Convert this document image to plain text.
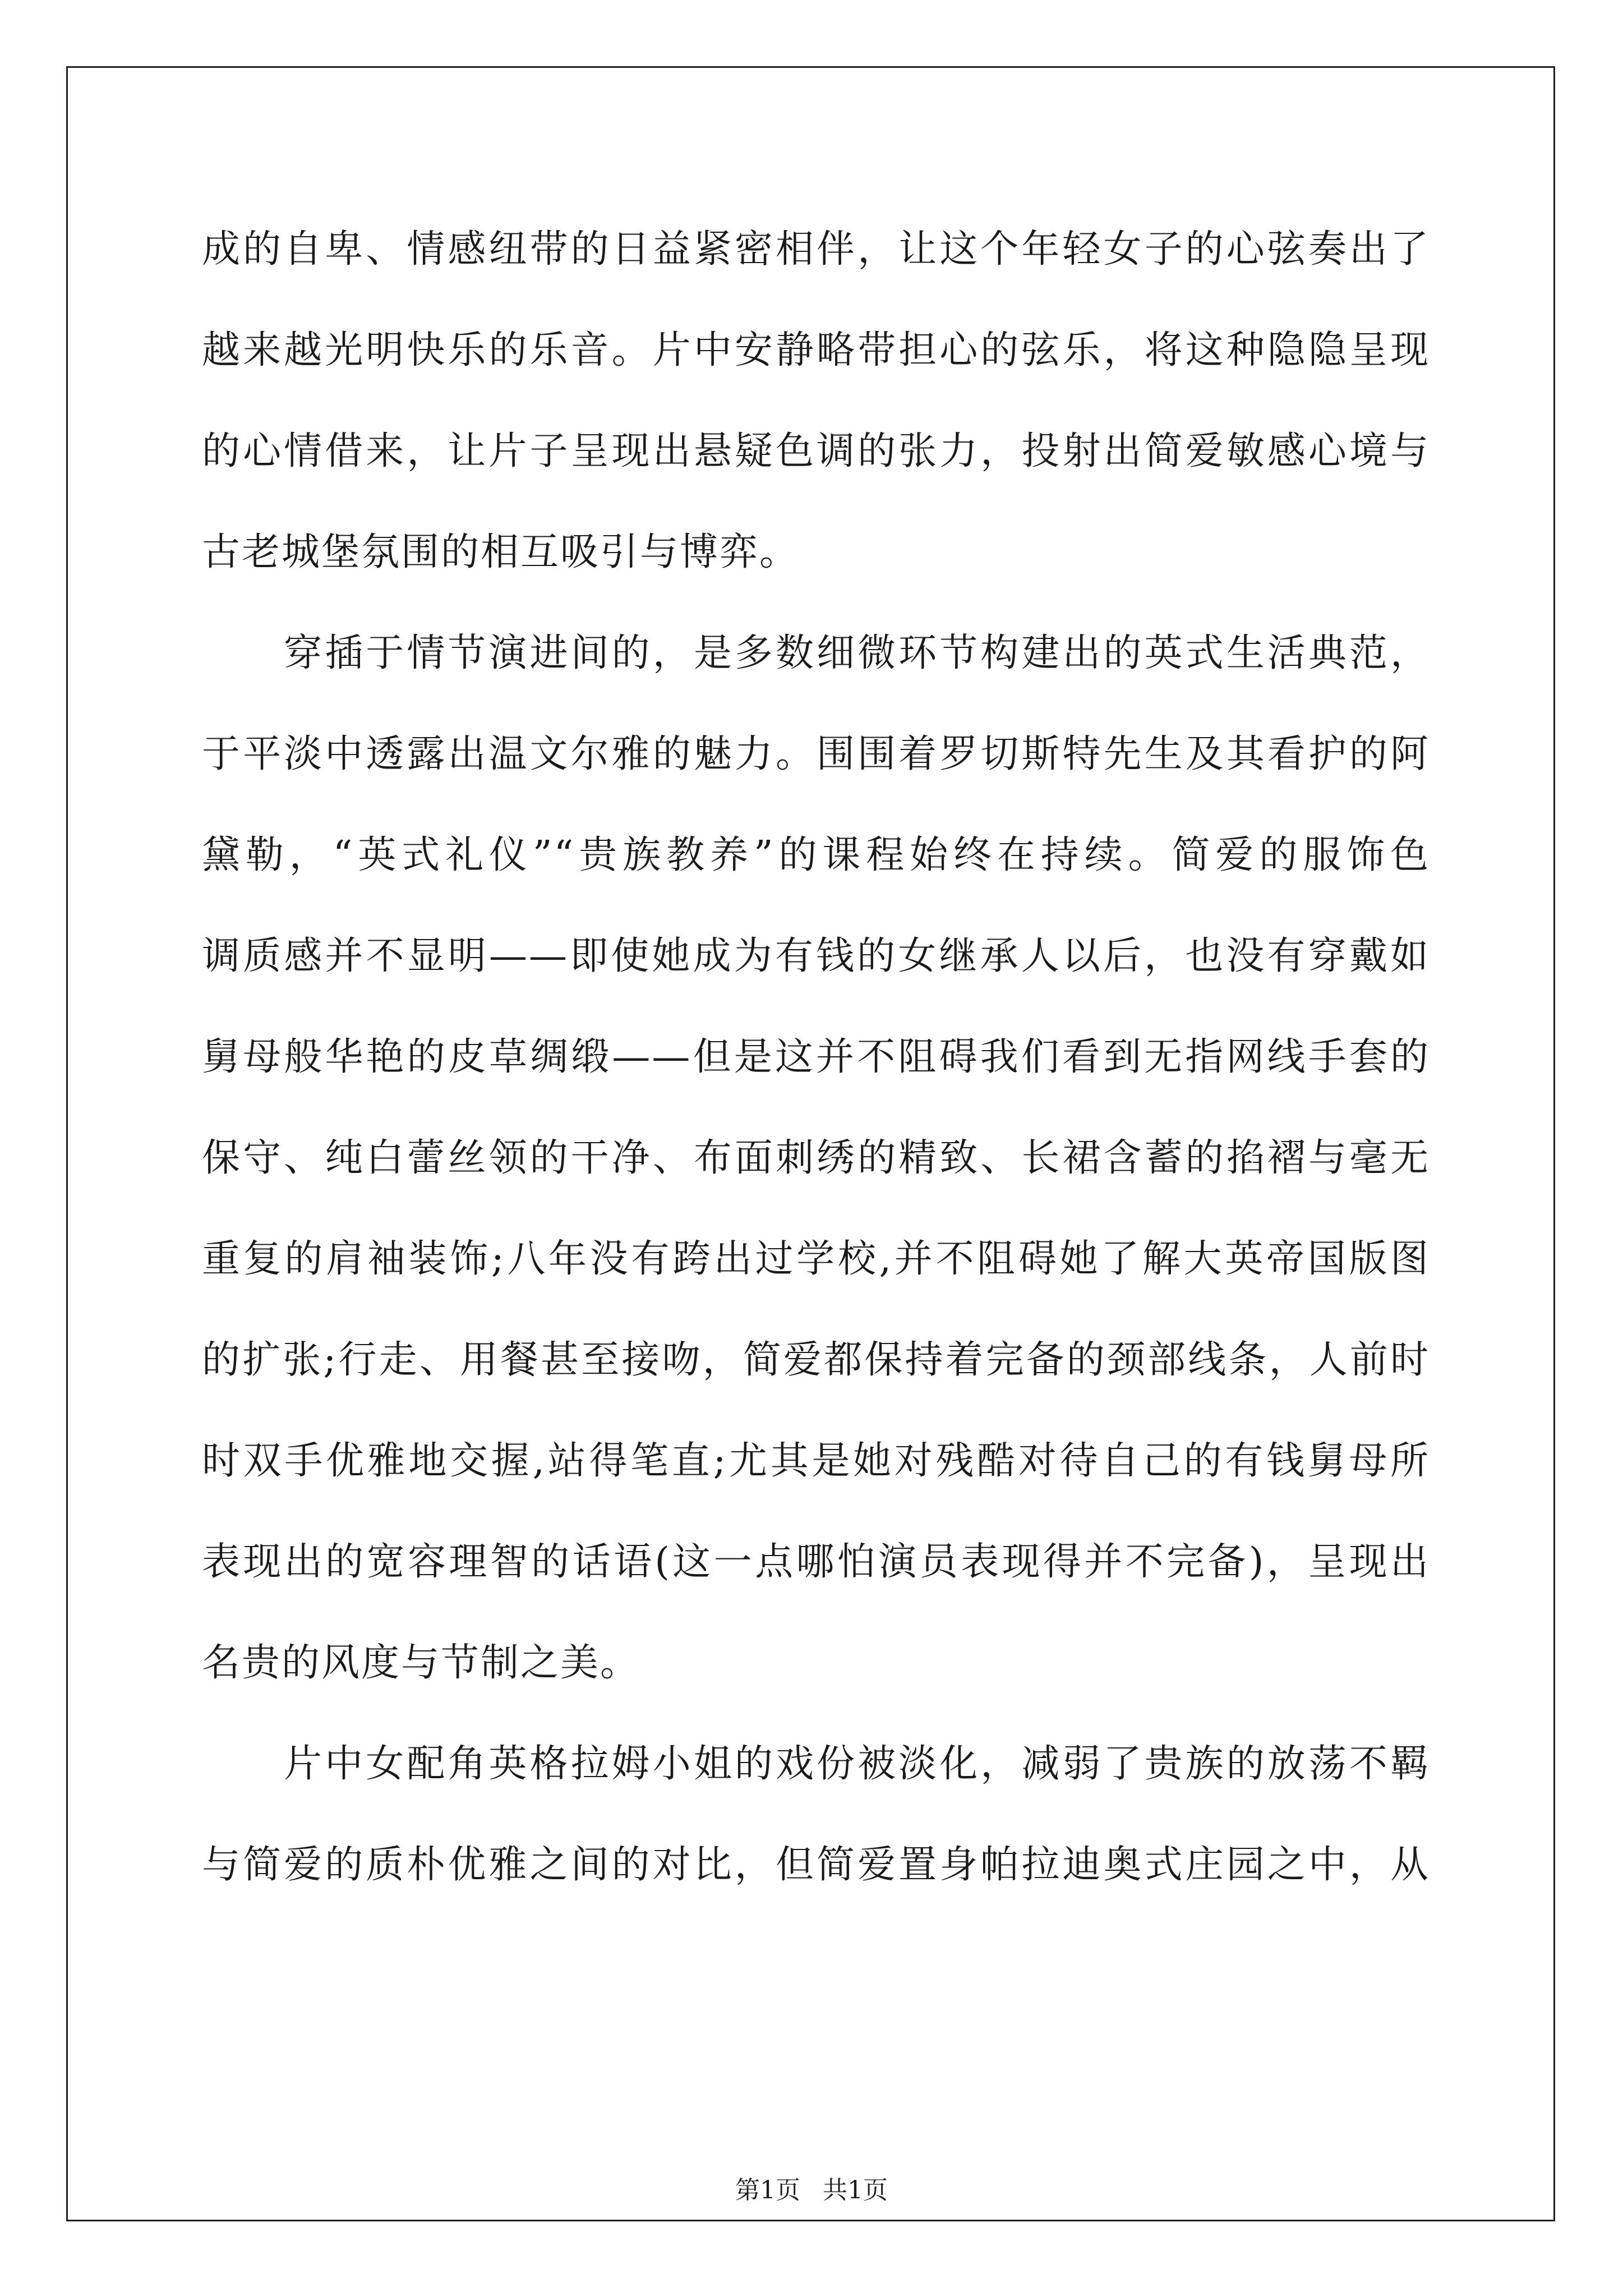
成的自卑、情感纽带的日益紧密相伴，让这个年轻女子的心弦奏出了
越来越光明快乐的乐音。片中安静略带担心的弦乐，将这种隐隐呈现
的心情借来，让片子呈现出悬疑色调的张力，投射出简爱敏感心境与
古老城堡氛围的相互吸引与博弈。
　　穿插于情节演进间的，是多数细微环节构建出的英式生活典范，
于平淡中透露出温文尔雅的魅力。围围着罗切斯特先生及其看护的阿
黛勒，“英式礼仪”“贵族教养”的课程始终在持续。简爱的服饰色
调质感并不显明——即使她成为有钱的女继承人以后，也没有穿戴如
舅母般华艳的皮草绸缎——但是这并不阻碍我们看到无指网线手套的
保守、纯白蕾丝领的干净、布面刺绣的精致、长裙含蓄的掐褶与毫无
重复的肩袖装饰;八年没有跨出过学校,并不阻碍她了解大英帝国版图
的扩张;行走、用餐甚至接吻，简爱都保持着完备的颈部线条，人前时
时双手优雅地交握,站得笔直;尤其是她对残酷对待自己的有钱舅母所
表现出的宽容理智的话语(这一点哪怕演员表现得并不完备)，呈现出
名贵的风度与节制之美。
　　片中女配角英格拉姆小姐的戏份被淡化，减弱了贵族的放荡不羁
与简爱的质朴优雅之间的对比，但简爱置身帕拉迪奥式庄园之中，从
第1页 共1页
